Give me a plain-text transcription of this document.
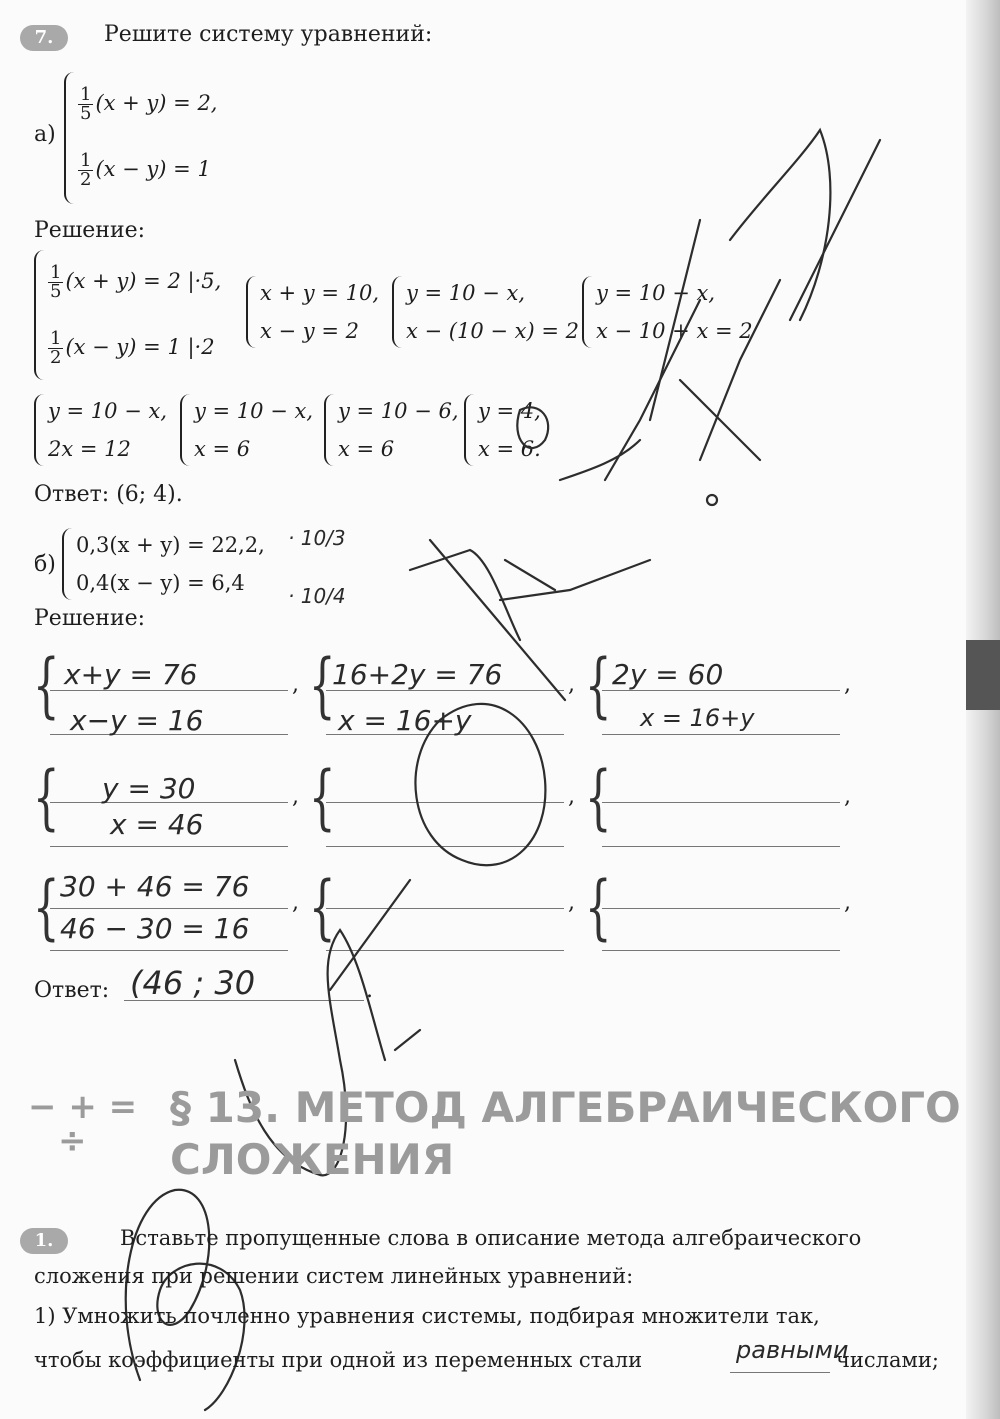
7.	Решите систему уравнений:
а)
$\frac{1}{5} (x + y) = 2$,
$\frac{1}{2} (x - y) = 1$
Решение:
$\frac{1}{5} (x + y) = 2$ |·5,
$\frac{1}{2} (x - y) = 1$ |·2
x + y = 10,
x − y = 2
y = 10 − x,
x − (10 − x) = 2
y = 10 − x,
x − 10 + x = 2
y = 10 − x,
2x = 12
y = 10 − x,
x = 6
y = 10 − 6,
x = 6
y = 4,
x = 6.
Ответ: (6; 4).
б)
0,3(x + y) = 22,2,
0,4(x − y) = 6,4
· 10/3
· 10/4
Решение:
{ x+y = 76
x−y = 16
, {
16+2y = 76
x = 16+y
, { 2y = 60
x = 16+y
,
{ y = 30
x = 46
, {	, {	,
{ 30 + 46 = 76
46 − 30 = 16
, {	, {	,
Ответ: (46 ; 30	.
− + =
÷
§ 13. МЕТОД АЛГЕБРАИЧЕСКОГО
СЛОЖЕНИЯ
1.	Вставьте пропущенные слова в описание метода алгебраического
сложения при решении систем линейных уравнений:
1) Умножить почленно уравнения системы, подбирая множители так,
чтобы коэффициенты при одной из переменных стали	равными
числами;
